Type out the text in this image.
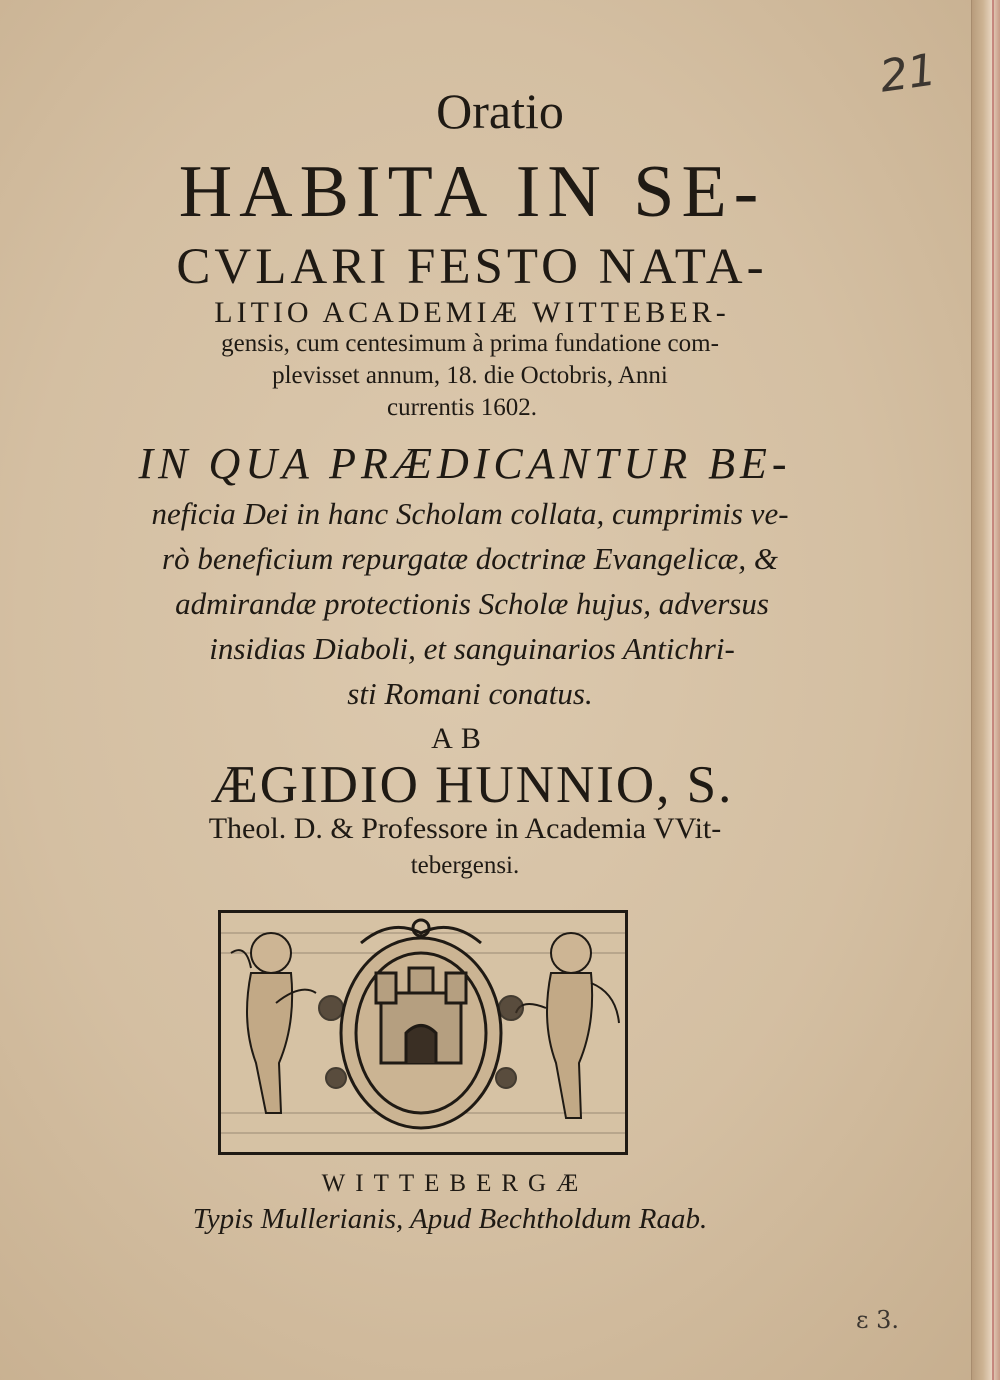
21
Oratio
HABITA IN SE-
CVLARI FESTO NATA-
LITIO ACADEMIÆ WITTEBER-
gensis, cum centesimum à prima fundatione com-
plevisset annum, 18. die Octobris, Anni
currentis 1602.
IN QUA PRÆDICANTUR BE-
neficia Dei in hanc Scholam collata, cumprimis ve-
rò beneficium repurgatæ doctrinæ Evangelicæ, &
admirandæ protectionis Scholæ hujus, adversus
insidias Diaboli, et sanguinarios Antichri-
sti Romani conatus.
AB
ÆGIDIO HUNNIO, S.
Theol. D. & Professore in Academia VVit-
tebergensi.
WITTEBERGÆ
Typis Mullerianis, Apud Bechtholdum Raab.
ɛ 3.
